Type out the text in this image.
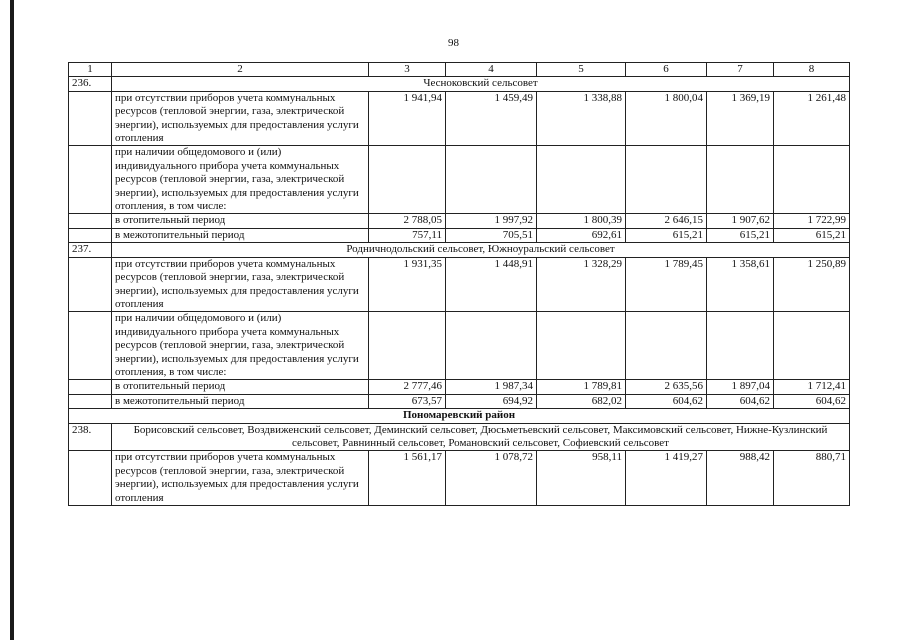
98
1	2	3	4	5	6	7	8
236.	Чесноковский сельсовет						
	при отсутствии приборов учета коммунальных ресурсов (тепловой энергии, газа, электрической энергии), используемых для предоставления услуги отопления	1 941,94	1 459,49	1 338,88	1 800,04	1 369,19	1 261,48
	при наличии общедомового и (или) индивидуального прибора учета коммунальных ресурсов (тепловой энергии, газа, электрической энергии), используемых для предоставления услуги отопления, в том числе:						
	в отопительный период	2 788,05	1 997,92	1 800,39	2 646,15	1 907,62	1 722,99
	в межотопительный период	757,11	705,51	692,61	615,21	615,21	615,21
237.	Родничнодольский сельсовет, Южноуральский сельсовет						
	при отсутствии приборов учета коммунальных ресурсов (тепловой энергии, газа, электрической энергии), используемых для предоставления услуги отопления	1 931,35	1 448,91	1 328,29	1 789,45	1 358,61	1 250,89
	при наличии общедомового и (или) индивидуального прибора учета коммунальных ресурсов (тепловой энергии, газа, электрической энергии), используемых для предоставления услуги отопления, в том числе:						
	в отопительный период	2 777,46	1 987,34	1 789,81	2 635,56	1 897,04	1 712,41
	в межотопительный период	673,57	694,92	682,02	604,62	604,62	604,62
Пономаревский район							
238.	Борисовский сельсовет, Воздвиженский сельсовет, Деминский сельсовет, Дюсьметьевский сельсовет, Максимовский сельсовет, Нижне-Кузлинский сельсовет, Равнинный сельсовет, Романовский сельсовет, Софиевский сельсовет						
	при отсутствии приборов учета коммунальных ресурсов (тепловой энергии, газа, электрической энергии), используемых для предоставления услуги отопления	1 561,17	1 078,72	958,11	1 419,27	988,42	880,71
